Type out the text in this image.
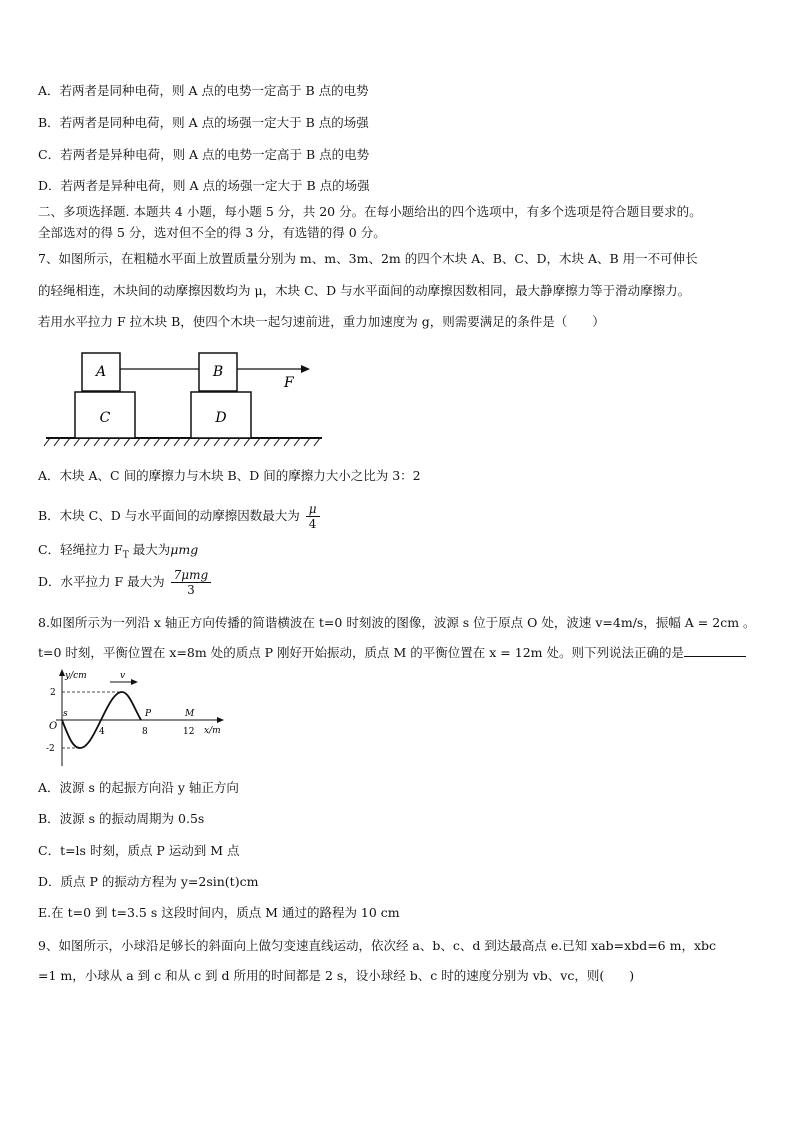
A．若两者是同种电荷，则 A 点的电势一定高于 B 点的电势
B．若两者是同种电荷，则 A 点的场强一定大于 B 点的场强
C．若两者是异种电荷，则 A 点的电势一定高于 B 点的电势
D．若两者是异种电荷，则 A 点的场强一定大于 B 点的场强
二、多项选择题. 本题共 4 小题，每小题 5 分，共 20 分。在每小题给出的四个选项中，有多个选项是符合题目要求的。
全部选对的得 5 分，选对但不全的得 3 分，有选错的得 0 分。
7、如图所示，在粗糙水平面上放置质量分别为 m、m、3m、2m 的四个木块 A、B、C、D，木块 A、B 用一不可伸长
的轻绳相连，木块间的动摩擦因数均为 μ，木块 C、D 与水平面间的动摩擦因数相同，最大静摩擦力等于滑动摩擦力。
若用水平拉力 F 拉木块 B，使四个木块一起匀速前进，重力加速度为 g，则需要满足的条件是（　　）
C
A
D
B
F
A．木块 A、C 间的摩擦力与木块 B、D 间的摩擦力大小之比为 3：2
B．木块 C、D 与水平面间的动摩擦因数最大为 $\frac{\mu}{4}$
C．轻绳拉力 $F_T$ 最大为μmg
D．水平拉力 F 最大为 $\frac{\text{7μmg}}{3}$
8.如图所示为一列沿 x 轴正方向传播的简谐横波在 t=0 时刻波的图像，波源 s 位于原点 O 处，波速 v=4m/s，振幅 A = 2cm 。
t=0 时刻，平衡位置在 x=8m 处的质点 P 刚好开始振动，质点 M 的平衡位置在 x = 12m 处。则下列说法正确的是
y/cm
x/m
2
-2
O
s
4	8	12
P	M
v
A．波源 s 的起振方向沿 y 轴正方向
B．波源 s 的振动周期为 0.5s
C．t=ls 时刻，质点 P 运动到 M 点
D．质点 P 的振动方程为 y=2sin(t)cm
E.在 t=0 到 t=3.5 s 这段时间内，质点 M 通过的路程为 10 cm
9、如图所示，小球沿足够长的斜面向上做匀变速直线运动，依次经 a、b、c、d 到达最高点 e.已知 xab=xbd=6 m，xbc
=1 m，小球从 a 到 c 和从 c 到 d 所用的时间都是 2 s，设小球经 b、c 时的速度分别为 vb、vc，则(　　)
